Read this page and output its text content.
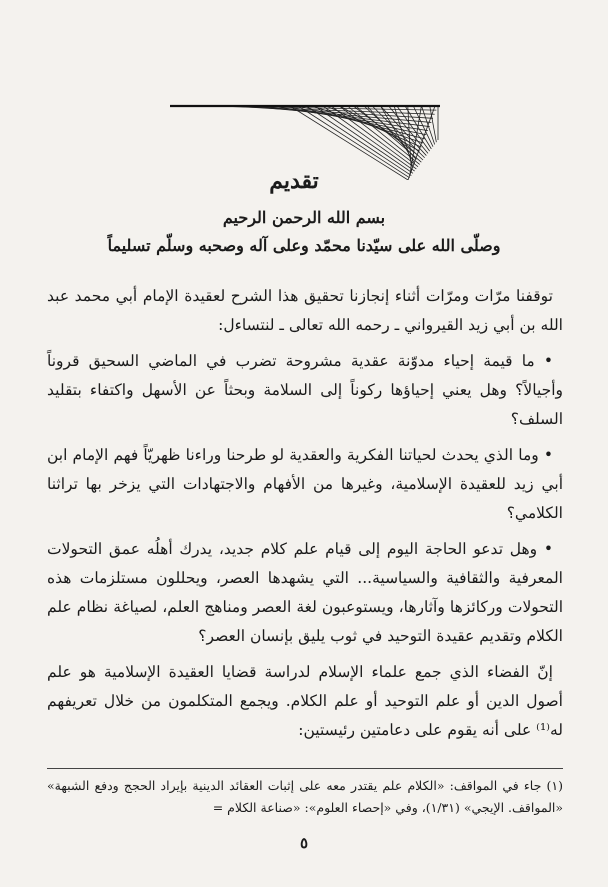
تقديم
بسم الله الرحمن الرحيم
وصلّى الله على سيّدنا محمّد وعلى آله وصحبه وسلّم تسليماً

توقفنا مرّات ومرّات أثناء إنجازنا تحقيق هذا الشرح لعقيدة الإمام أبي محمد عبد الله بن أبي زيد القيرواني ـ رحمه الله تعالى ـ لنتساءل:

• ما قيمة إحياء مدوّنة عقدية مشروحة تضرب في الماضي السحيق قروناً وأجيالاً؟ وهل يعني إحياؤها ركوناً إلى السلامة وبحثاً عن الأسهل واكتفاء بتقليد السلف؟

• وما الذي يحدث لحياتنا الفكرية والعقدية لو طرحنا وراءنا ظهريّاً فهم الإمام ابن أبي زيد للعقيدة الإسلامية، وغيرها من الأفهام والاجتهادات التي يزخر بها تراثنا الكلامي؟

• وهل تدعو الحاجة اليوم إلى قيام علم كلام جديد، يدرك أهلُه عمق التحولات المعرفية والثقافية والسياسية... التي يشهدها العصر، ويحللون مستلزمات هذه التحولات وركائزها وآثارها، ويستوعبون لغة العصر ومناهج العلم، لصياغة نظام علم الكلام وتقديم عقيدة التوحيد في ثوب يليق بإنسان العصر؟

إنّ الفضاء الذي جمع علماء الإسلام لدراسة قضايا العقيدة الإسلامية هو علم أصول الدين أو علم التوحيد أو علم الكلام. ويجمع المتكلمون من خلال تعريفهم له⁽¹⁾ على أنه يقوم على دعامتين رئيستين:

(١) جاء في المواقف: «الكلام علم يقتدر معه على إثبات العقائد الدينية بإيراد الحجج ودفع الشبهة» «المواقف. الإيجي» (١/٣١)، وفي «إحصاء العلوم»: «صناعة الكلام =
٥
